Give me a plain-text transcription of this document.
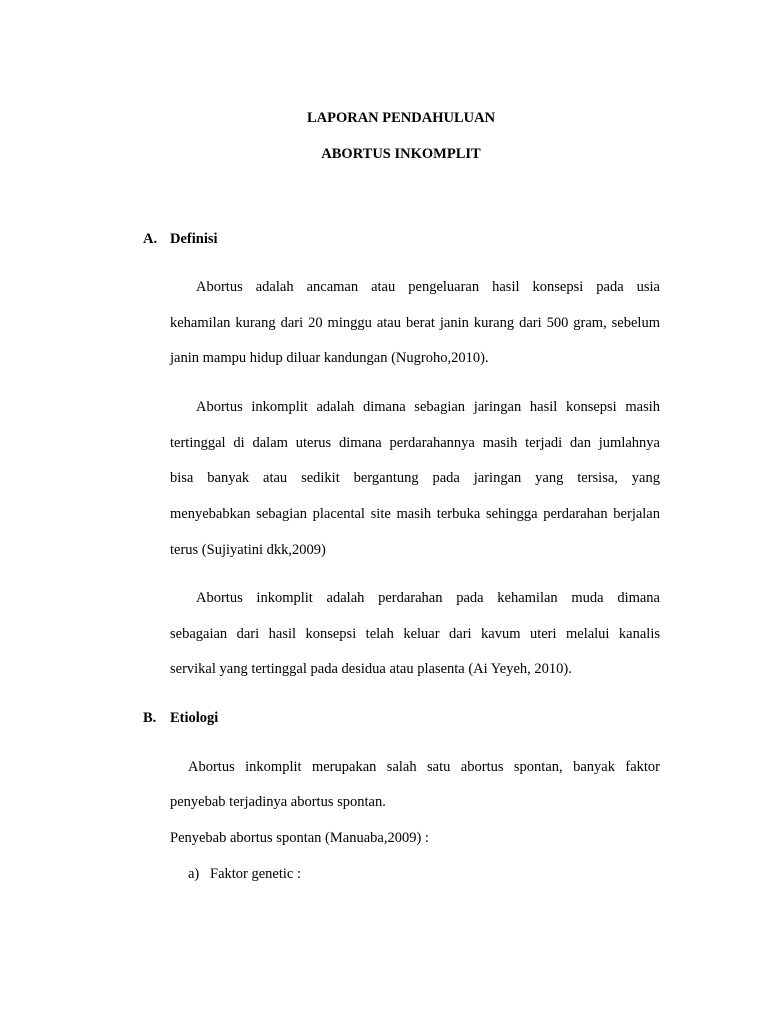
LAPORAN PENDAHULUAN
ABORTUS INKOMPLIT
A. Definisi
Abortus adalah ancaman atau pengeluaran hasil konsepsi pada usia
kehamilan kurang dari 20 minggu atau berat janin kurang dari 500 gram, sebelum
janin mampu hidup diluar kandungan (Nugroho,2010).
Abortus inkomplit adalah dimana sebagian jaringan hasil konsepsi masih
tertinggal di dalam uterus dimana perdarahannya masih terjadi dan jumlahnya
bisa banyak atau sedikit bergantung pada jaringan yang tersisa, yang
menyebabkan sebagian placental site masih terbuka sehingga perdarahan berjalan
terus (Sujiyatini dkk,2009)
Abortus inkomplit adalah perdarahan pada kehamilan muda dimana
sebagaian dari hasil konsepsi telah keluar dari kavum uteri melalui kanalis
servikal yang tertinggal pada desidua atau plasenta (Ai Yeyeh, 2010).
B. Etiologi
Abortus inkomplit merupakan salah satu abortus spontan, banyak faktor
penyebab terjadinya abortus spontan.
Penyebab abortus spontan (Manuaba,2009) :
a) Faktor genetic :
